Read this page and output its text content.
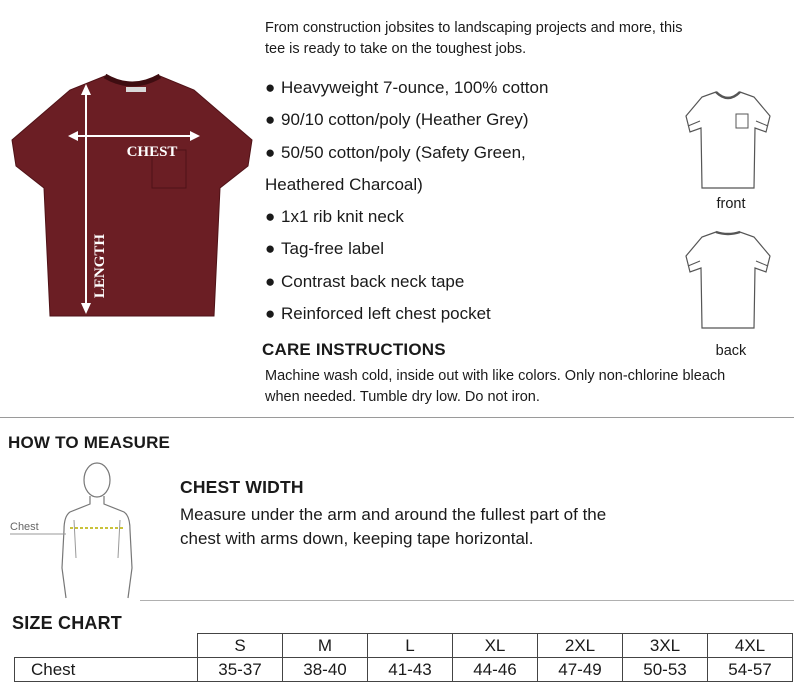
CHEST
LENGTH
From construction jobsites to landscaping projects and more, this tee is ready to take on the toughest jobs.
● Heavyweight 7-ounce, 100% cotton
● 90/10 cotton/poly (Heather Grey)
● 50/50 cotton/poly (Safety Green,
Heathered Charcoal)
● 1x1 rib knit neck
● Tag-free label
● Contrast back neck tape
● Reinforced left chest pocket
CARE INSTRUCTIONS
Machine wash cold, inside out with like colors. Only non-chlorine bleach when needed. Tumble dry low. Do not iron.
front
back
HOW TO MEASURE
Chest
CHEST WIDTH
Measure under the arm and around the fullest part of the chest with arms down, keeping tape horizontal.
SIZE CHART
	S	M	L	XL	2XL	3XL	4XL
Chest	35-37	38-40	41-43	44-46	47-49	50-53	54-57
